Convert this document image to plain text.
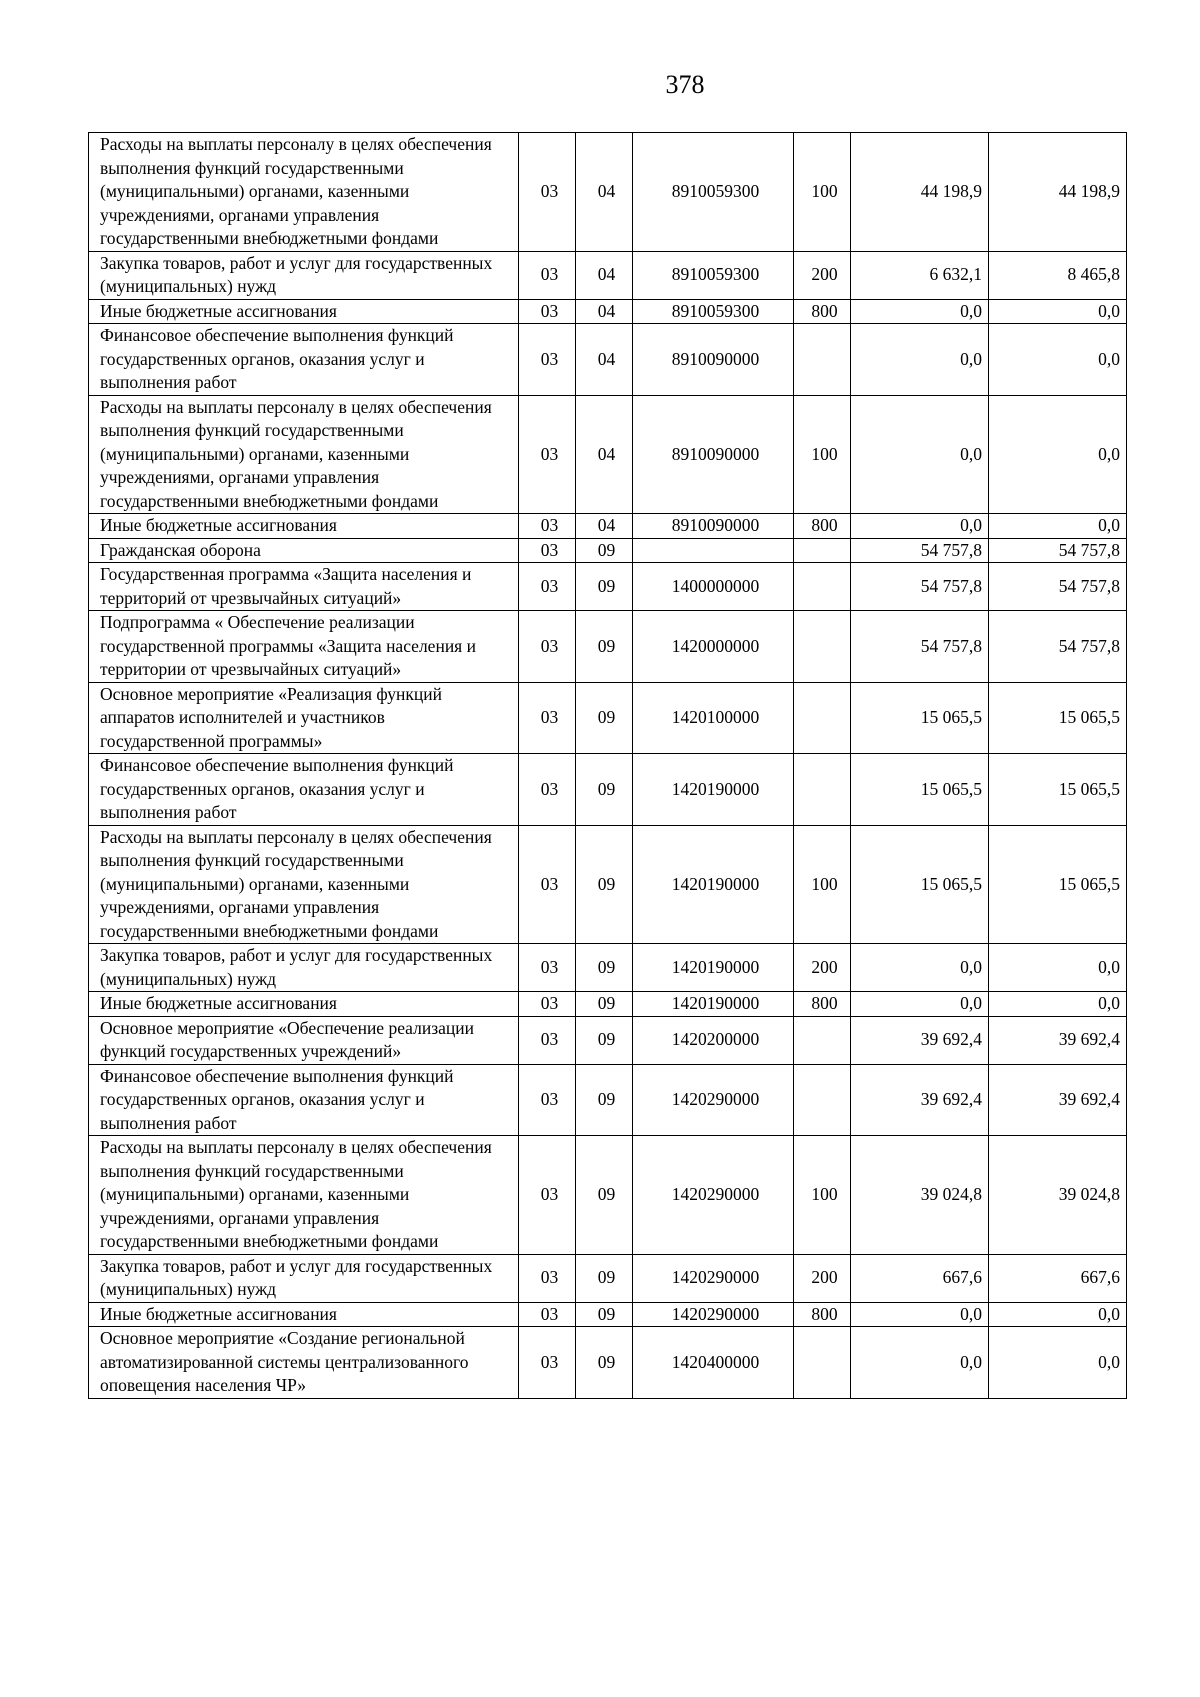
378
Расходы на выплаты персоналу в целях обеспечения выполнения функций государственными (муниципальными) органами, казенными учреждениями, органами управления государственными внебюджетными фондами	03	04	8910059300	100	44 198,9	44 198,9
Закупка товаров, работ и услуг для государственных (муниципальных) нужд	03	04	8910059300	200	6 632,1	8 465,8
Иные бюджетные ассигнования	03	04	8910059300	800	0,0	0,0
Финансовое обеспечение выполнения функций государственных органов, оказания услуг и выполнения работ	03	04	8910090000		0,0	0,0
Расходы на выплаты персоналу в целях обеспечения выполнения функций государственными (муниципальными) органами, казенными учреждениями, органами управления государственными внебюджетными фондами	03	04	8910090000	100	0,0	0,0
Иные бюджетные ассигнования	03	04	8910090000	800	0,0	0,0
Гражданская оборона	03	09			54 757,8	54 757,8
Государственная программа «Защита населения и территорий от чрезвычайных ситуаций»	03	09	1400000000		54 757,8	54 757,8
Подпрограмма « Обеспечение реализации государственной программы «Защита населения и территории от чрезвычайных ситуаций»	03	09	1420000000		54 757,8	54 757,8
Основное мероприятие «Реализация функций аппаратов исполнителей и участников государственной программы»	03	09	1420100000		15 065,5	15 065,5
Финансовое обеспечение выполнения функций государственных органов, оказания услуг и выполнения работ	03	09	1420190000		15 065,5	15 065,5
Расходы на выплаты персоналу в целях обеспечения выполнения функций государственными (муниципальными) органами, казенными учреждениями, органами управления государственными внебюджетными фондами	03	09	1420190000	100	15 065,5	15 065,5
Закупка товаров, работ и услуг для государственных (муниципальных) нужд	03	09	1420190000	200	0,0	0,0
Иные бюджетные ассигнования	03	09	1420190000	800	0,0	0,0
Основное мероприятие «Обеспечение реализации функций государственных учреждений»	03	09	1420200000		39 692,4	39 692,4
Финансовое обеспечение выполнения функций государственных органов, оказания услуг и выполнения работ	03	09	1420290000		39 692,4	39 692,4
Расходы на выплаты персоналу в целях обеспечения выполнения функций государственными (муниципальными) органами, казенными учреждениями, органами управления государственными внебюджетными фондами	03	09	1420290000	100	39 024,8	39 024,8
Закупка товаров, работ и услуг для государственных (муниципальных) нужд	03	09	1420290000	200	667,6	667,6
Иные бюджетные ассигнования	03	09	1420290000	800	0,0	0,0
Основное мероприятие «Создание региональной автоматизированной системы централизованного оповещения населения ЧР»	03	09	1420400000		0,0	0,0
